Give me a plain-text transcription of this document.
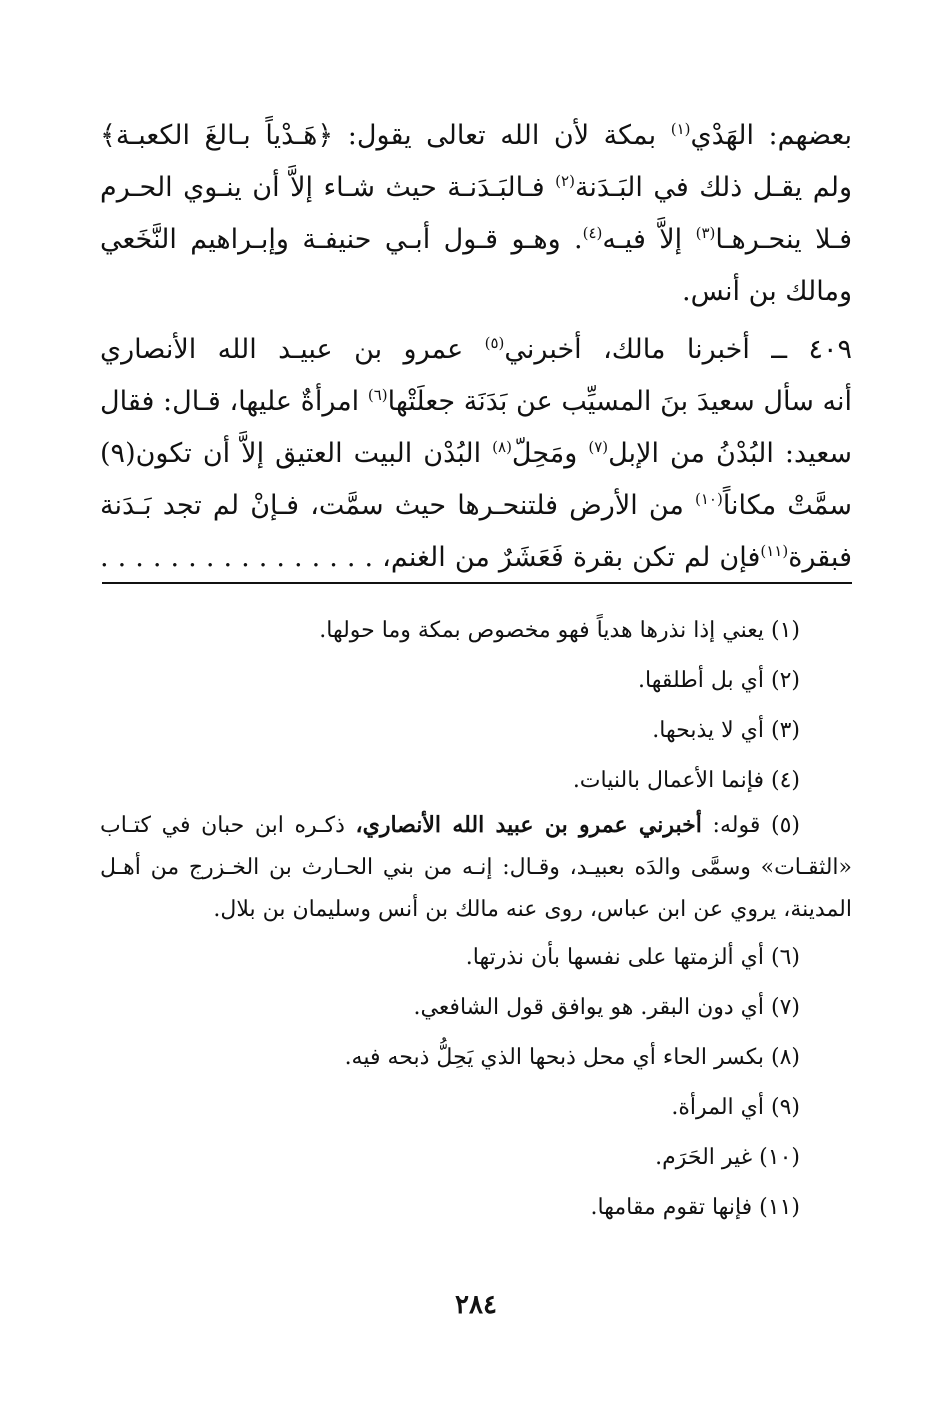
بعضهم: الهَدْي$^{(١)}$ بمكة لأن الله تعالى يقول: ﴿هَـدْياً بـالغَ الكعبـة﴾
ولم يقـل ذلك في البَـدَنة$^{(٢)}$ فـالبَـدَنـة حيث شـاء إلاَّ أن ينـوي الحـرم
فـلا ينحـرهـا$^{(٣)}$ إلاَّ فيـه$^{(٤)}$. وهـو قـول أبـي حنيفـة وإبـراهيم النَّخَعي
ومالك بن أنس.
٤٠٩ ــ أخبرنا مالك، أخبرني$^{(٥)}$ عمرو بن عبيـد الله الأنصاري
أنه سأل سعيدَ بنَ المسيِّب عن بَدَنَة جعلَتْها$^{(٦)}$ امرأةٌ عليها، قـال: فقال
سعيد: البُدْنُ من الإبل$^{(٧)}$ ومَحِلّ$^{(٨)}$ البُدْن البيت العتيق إلاَّ أن تكون(٩)
سمَّتْ مكاناً$^{(١٠)}$ من الأرض فلتنحـرها حيث سمَّت، فـإنْ لم تجد بَـدَنة
فبقرة$^{(١١)}$فإن لم تكن بقرة فَعَشَرٌ من الغنم، . . . . . . . . . . . . . . . .
(١) يعني إذا نذرها هدياً فهو مخصوص بمكة وما حولها.
(٢) أي بل أطلقها.
(٣) أي لا يذبحها.
(٤) فإنما الأعمال بالنيات.
(٥) قوله: أخبرني عمرو بن عبيد الله الأنصاري، ذكـره ابن حبان في كتـاب
«الثقـات» وسمَّى والدَه بعبيـد، وقـال: إنـه من بني الحـارث بن الخـزرج من أهـل
المدينة، يروي عن ابن عباس، روى عنه مالك بن أنس وسليمان بن بلال.
(٦) أي ألزمتها على نفسها بأن نذرتها.
(٧) أي دون البقر. هو يوافق قول الشافعي.
(٨) بكسر الحاء أي محل ذبحها الذي يَحِلُّ ذبحه فيه.
(٩) أي المرأة.
(١٠) غير الحَرَم.
(١١) فإنها تقوم مقامها.
٢٨٤
